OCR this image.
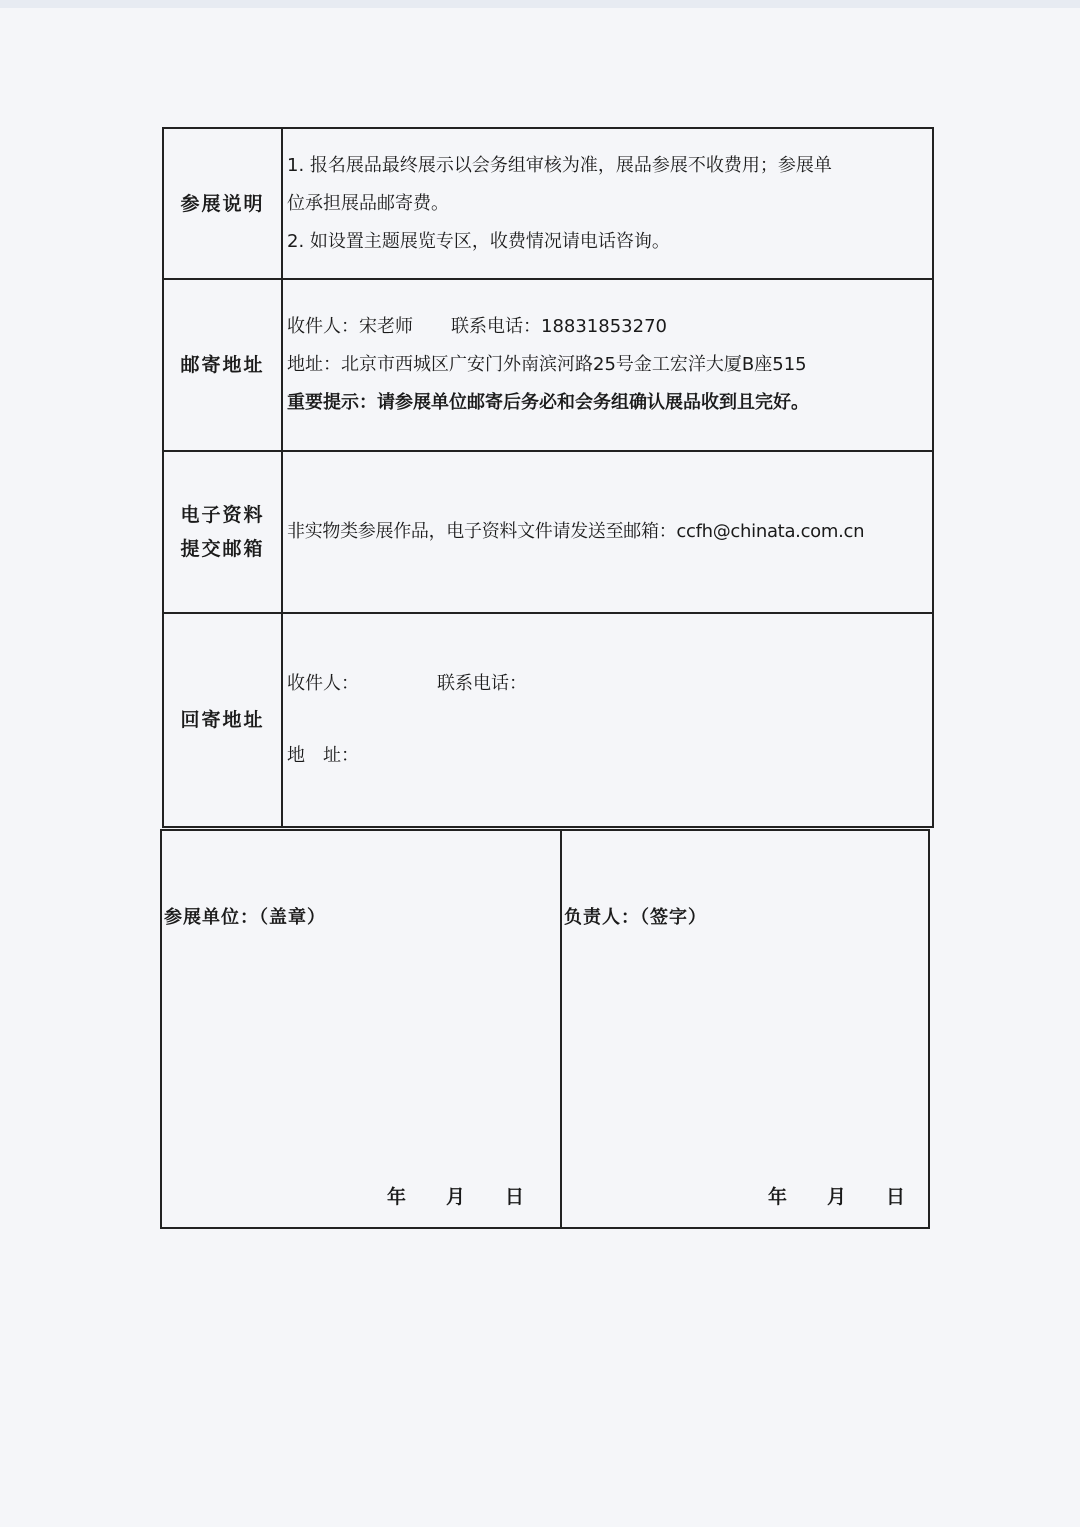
参展说明	1. 报名展品最终展示以会务组审核为准，展品参展不收费用；参展单

位承担展品邮寄费。

2. 如设置主题展览专区，收费情况请电话咨询。

邮寄地址	收件人：宋老师 联系电话：18831853270

地址：北京市西城区广安门外南滨河路25号金工宏洋大厦B座515

重要提示：请参展单位邮寄后务必和会务组确认展品收到且完好。

电子资料
提交邮箱	非实物类参展作品，电子资料文件请发送至邮箱：ccfh@chinata.com.cn

回寄地址	收件人： 联系电话：

地　址：

参展单位：（盖章）
年 月 日

负责人：（签字）
年 月 日
